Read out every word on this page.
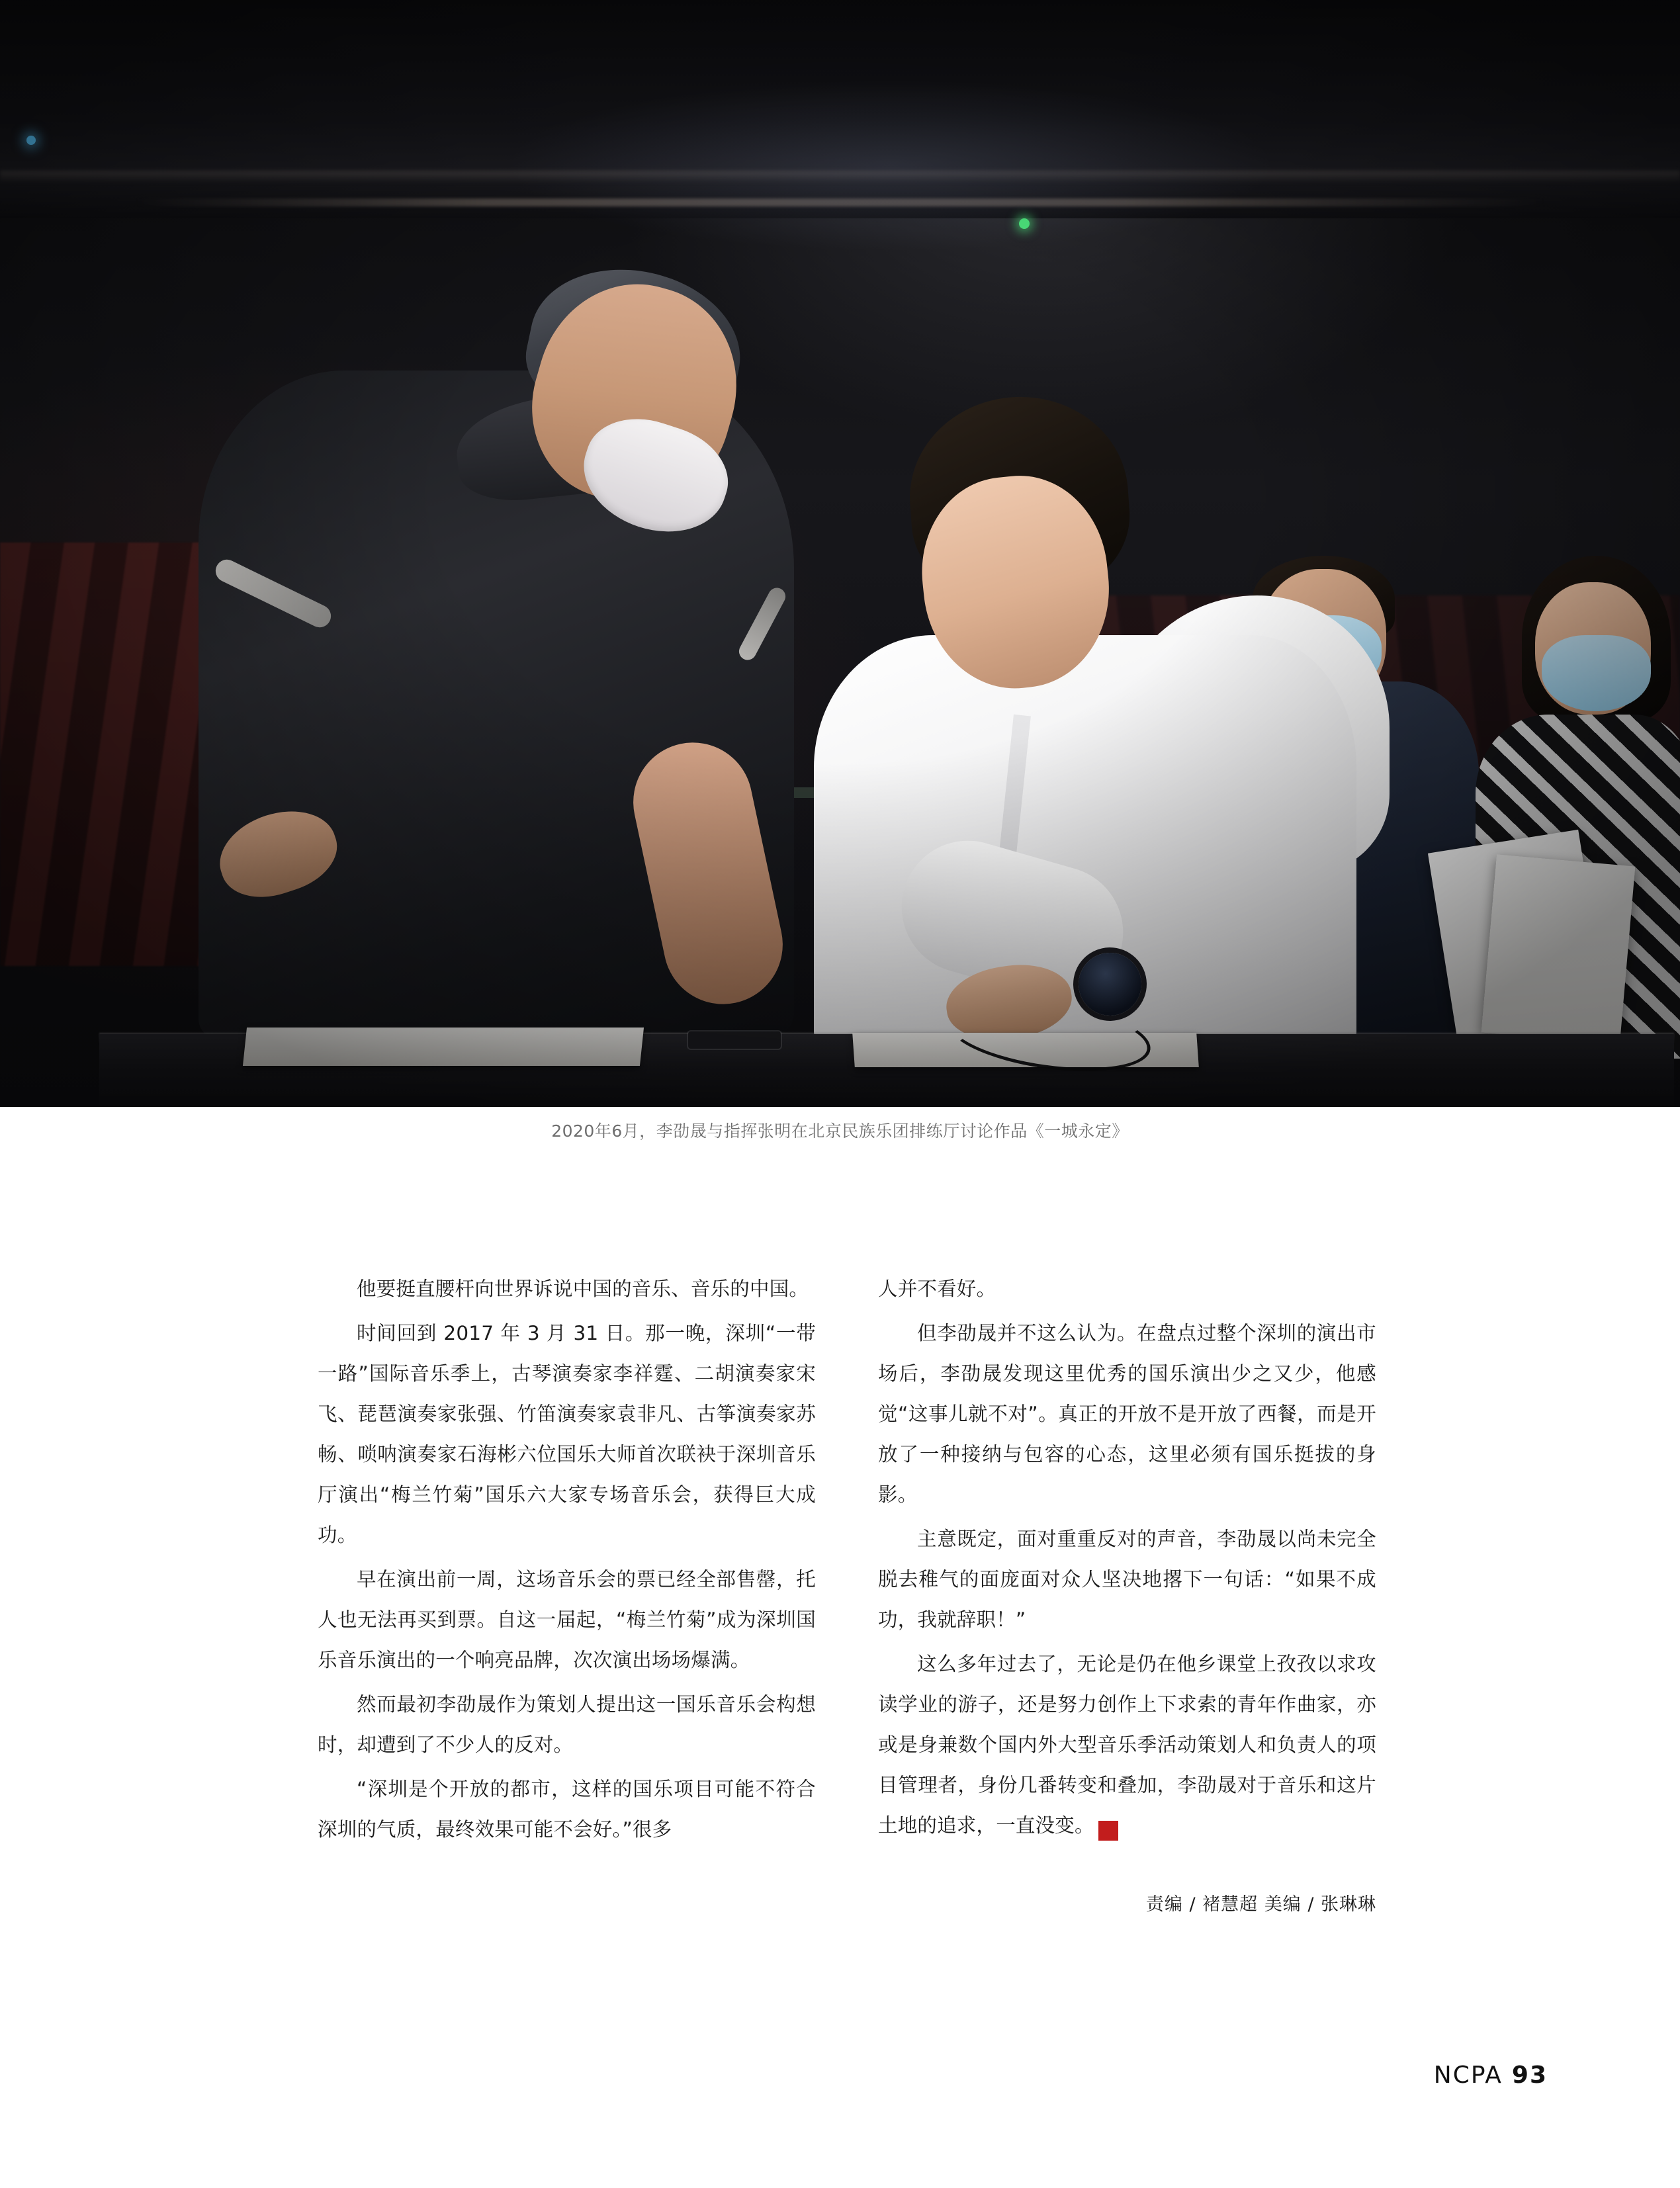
2020年6月，李劭晟与指挥张明在北京民族乐团排练厅讨论作品《一城永定》

他要挺直腰杆向世界诉说中国的音乐、音乐的中国。

时间回到 2017 年 3 月 31 日。那一晚，深圳“一带一路”国际音乐季上，古琴演奏家李祥霆、二胡演奏家宋飞、琵琶演奏家张强、竹笛演奏家袁非凡、古筝演奏家苏畅、唢呐演奏家石海彬六位国乐大师首次联袂于深圳音乐厅演出“梅兰竹菊”国乐六大家专场音乐会，获得巨大成功。

早在演出前一周，这场音乐会的票已经全部售罄，托人也无法再买到票。自这一届起，“梅兰竹菊”成为深圳国乐音乐演出的一个响亮品牌，次次演出场场爆满。

然而最初李劭晟作为策划人提出这一国乐音乐会构想时，却遭到了不少人的反对。

“深圳是个开放的都市，这样的国乐项目可能不符合深圳的气质，最终效果可能不会好。”很多

人并不看好。

但李劭晟并不这么认为。在盘点过整个深圳的演出市场后，李劭晟发现这里优秀的国乐演出少之又少，他感觉“这事儿就不对”。真正的开放不是开放了西餐，而是开放了一种接纳与包容的心态，这里必须有国乐挺拔的身影。

主意既定，面对重重反对的声音，李劭晟以尚未完全脱去稚气的面庞面对众人坚决地撂下一句话：“如果不成功，我就辞职！”

这么多年过去了，无论是仍在他乡课堂上孜孜以求攻读学业的游子，还是努力创作上下求索的青年作曲家，亦或是身兼数个国内外大型音乐季活动策划人和负责人的项目管理者，身份几番转变和叠加，李劭晟对于音乐和这片土地的追求，一直没变。	悦

责编 / 褚慧超 美编 / 张琳琳
NCPA 93
